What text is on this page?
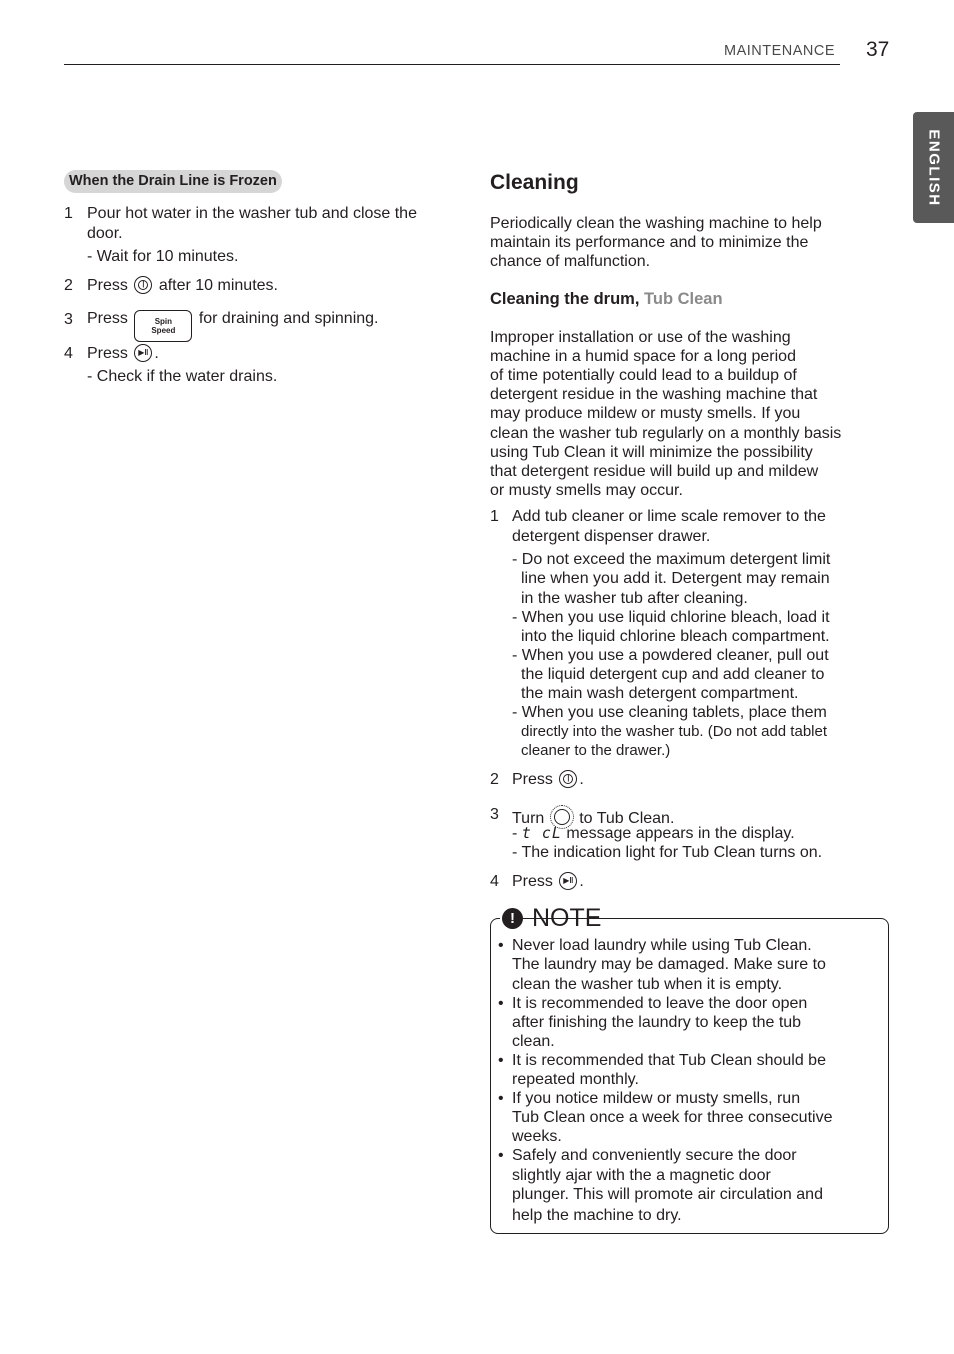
MAINTENANCE 37
ENGLISH
When the Drain Line is Frozen
1 Pour hot water in the washer tub and close the
door.
- Wait for 10 minutes.
2 Press	| after 10 minutes.
3 Press	Spin
Speed for draining and spinning.
4 Press	▶‖ .
- Check if the water drains.
Cleaning
Periodically clean the washing machine to help
maintain its performance and to minimize the
chance of malfunction.
Cleaning the drum, Tub Clean
Improper installation or use of the washing
machine in a humid space for a long period
of time potentially could lead to a buildup of
detergent residue in the washing machine that
may produce mildew or musty smells. If you
clean the washer tub regularly on a monthly basis
using Tub Clean it will minimize the possibility
that detergent residue will build up and mildew
or musty smells may occur.
1 Add tub cleaner or lime scale remover to the
detergent dispenser drawer.
- Do not exceed the maximum detergent limit
line when you add it. Detergent may remain
in the washer tub after cleaning.
- When you use liquid chlorine bleach, load it
into the liquid chlorine bleach compartment.
- When you use a powdered cleaner, pull out
the liquid detergent cup and add cleaner to
the main wash detergent compartment.
- When you use cleaning tablets, place them
directly into the washer tub. (Do not add tablet
cleaner to the drawer.)
2 Press	| .
3 Turn to Tub Clean.
- t cL message appears in the display.
- The indication light for Tub Clean turns on.
4 Press	▶‖ .
! NOTE
• Never load laundry while using Tub Clean.
The laundry may be damaged. Make sure to
clean the washer tub when it is empty.
• It is recommended to leave the door open
after finishing the laundry to keep the tub
clean.
• It is recommended that Tub Clean should be
repeated monthly.
• If you notice mildew or musty smells, run
Tub Clean once a week for three consecutive
weeks.
• Safely and conveniently secure the door
slightly ajar with the a magnetic door
plunger. This will promote air circulation and
help the machine to dry.
